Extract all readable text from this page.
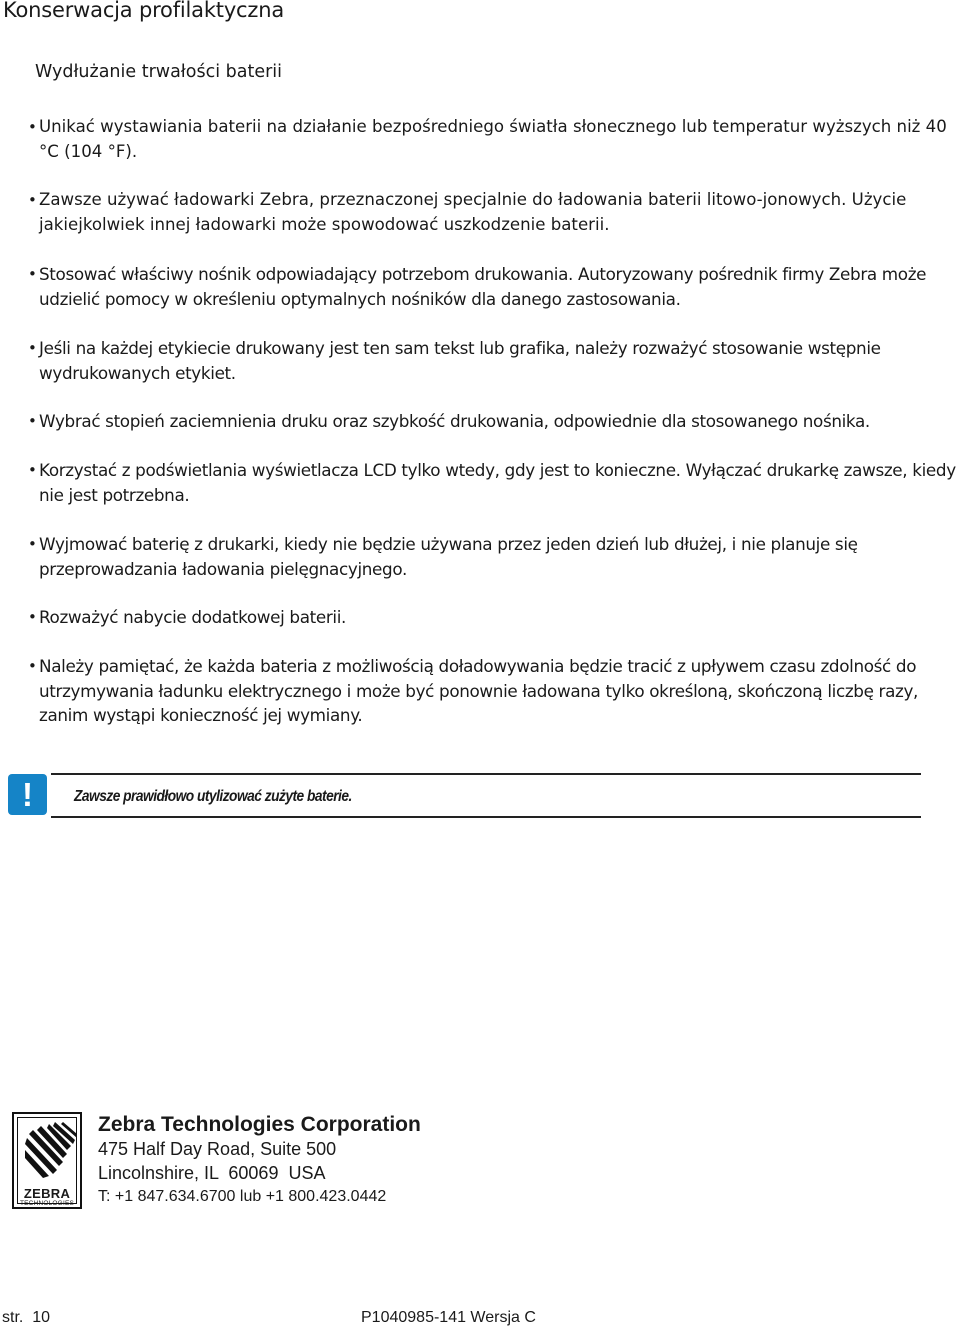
Konserwacja profilaktyczna
Wydłużanie trwałości baterii
• Unikać wystawiania baterii na działanie bezpośredniego światła słonecznego lub temperatur wyższych niż 40 °C (104 °F).
• Zawsze używać ładowarki Zebra, przeznaczonej specjalnie do ładowania baterii litowo-jonowych. Użycie jakiejkolwiek innej ładowarki może spowodować uszkodzenie baterii.
• Stosować właściwy nośnik odpowiadający potrzebom drukowania. Autoryzowany pośrednik firmy Zebra może udzielić pomocy w określeniu optymalnych nośników dla danego zastosowania.
• Jeśli na każdej etykiecie drukowany jest ten sam tekst lub grafika, należy rozważyć stosowanie wstępnie wydrukowanych etykiet.
• Wybrać stopień zaciemnienia druku oraz szybkość drukowania, odpowiednie dla stosowanego nośnika.
• Korzystać z podświetlania wyświetlacza LCD tylko wtedy, gdy jest to konieczne. Wyłączać drukarkę zawsze, kiedy nie jest potrzebna.
• Wyjmować baterię z drukarki, kiedy nie będzie używana przez jeden dzień lub dłużej, i nie planuje się przeprowadzania ładowania pielęgnacyjnego.
• Rozważyć nabycie dodatkowej baterii.
• Należy pamiętać, że każda bateria z możliwością doładowywania będzie tracić z upływem czasu zdolność do utrzymywania ładunku elektrycznego i może być ponownie ładowana tylko określoną, skończoną liczbę razy, zanim wystąpi konieczność jej wymiany.
!	Zawsze prawidłowo utylizować zużyte baterie.
ZEBRA
TECHNOLOGIES
Zebra Technologies Corporation
475 Half Day Road, Suite 500
Lincolnshire, IL  60069  USA
T: +1 847.634.6700 lub +1 800.423.0442
str.  10	P1040985-141 Wersja C
